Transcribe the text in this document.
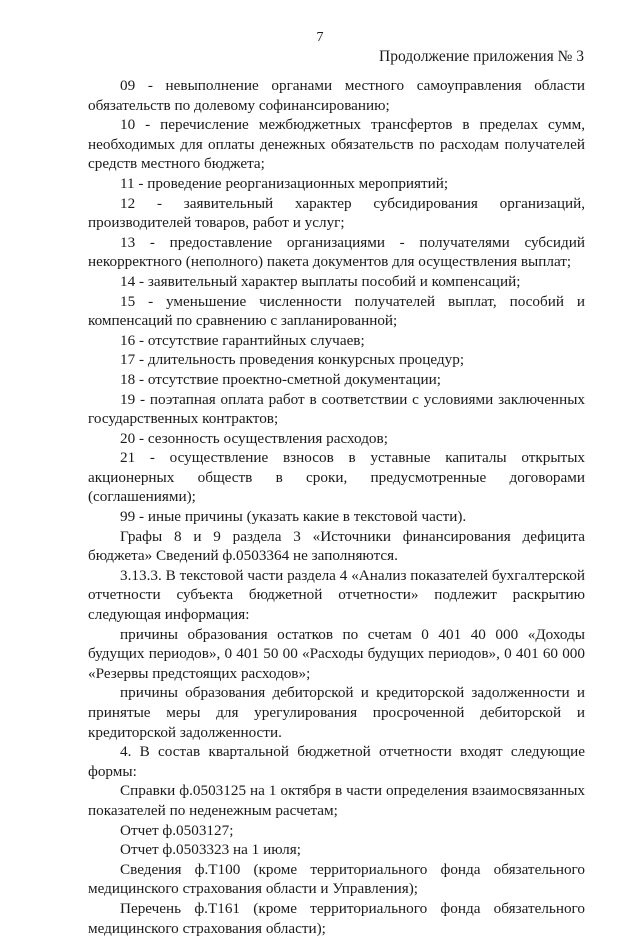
7
Продолжение приложения № 3

09 - невыполнение органами местного самоуправления области обязательств по долевому софинансированию;

10 - перечисление межбюджетных трансфертов в пределах сумм, необходимых для оплаты денежных обязательств по расходам получателей средств местного бюджета;

11 - проведение реорганизационных мероприятий;

12 - заявительный характер субсидирования организаций, производителей товаров, работ и услуг;

13 - предоставление организациями - получателями субсидий некорректного (неполного) пакета документов для осуществления выплат;

14 - заявительный характер выплаты пособий и компенсаций;

15 - уменьшение численности получателей выплат, пособий и компенсаций по сравнению с запланированной;

16 - отсутствие гарантийных случаев;

17 - длительность проведения конкурсных процедур;

18 - отсутствие проектно-сметной документации;

19 - поэтапная оплата работ в соответствии с условиями заключенных государственных контрактов;

20 - сезонность осуществления расходов;

21 - осуществление взносов в уставные капиталы открытых акционерных обществ в сроки, предусмотренные договорами (соглашениями);

99 - иные причины (указать какие в текстовой части).

Графы 8 и 9 раздела 3 «Источники финансирования дефицита бюджета» Сведений ф.0503364 не заполняются.

3.13.3. В текстовой части раздела 4 «Анализ показателей бухгалтерской отчетности субъекта бюджетной отчетности» подлежит раскрытию следующая информация:

причины образования остатков по счетам 0 401 40 000 «Доходы будущих периодов», 0 401 50 00 «Расходы будущих периодов», 0 401 60 000 «Резервы предстоящих расходов»;

причины образования дебиторской и кредиторской задолженности и принятые меры для урегулирования просроченной дебиторской и кредиторской задолженности.

4. В состав квартальной бюджетной отчетности входят следующие формы:

Справки ф.0503125 на 1 октября в части определения взаимосвязанных показателей по неденежным расчетам;

Отчет ф.0503127;

Отчет ф.0503323 на 1 июля;

Сведения ф.Т100 (кроме территориального фонда обязательного медицинского страхования области и Управления);

Перечень ф.Т161 (кроме территориального фонда обязательного медицинского страхования области);
